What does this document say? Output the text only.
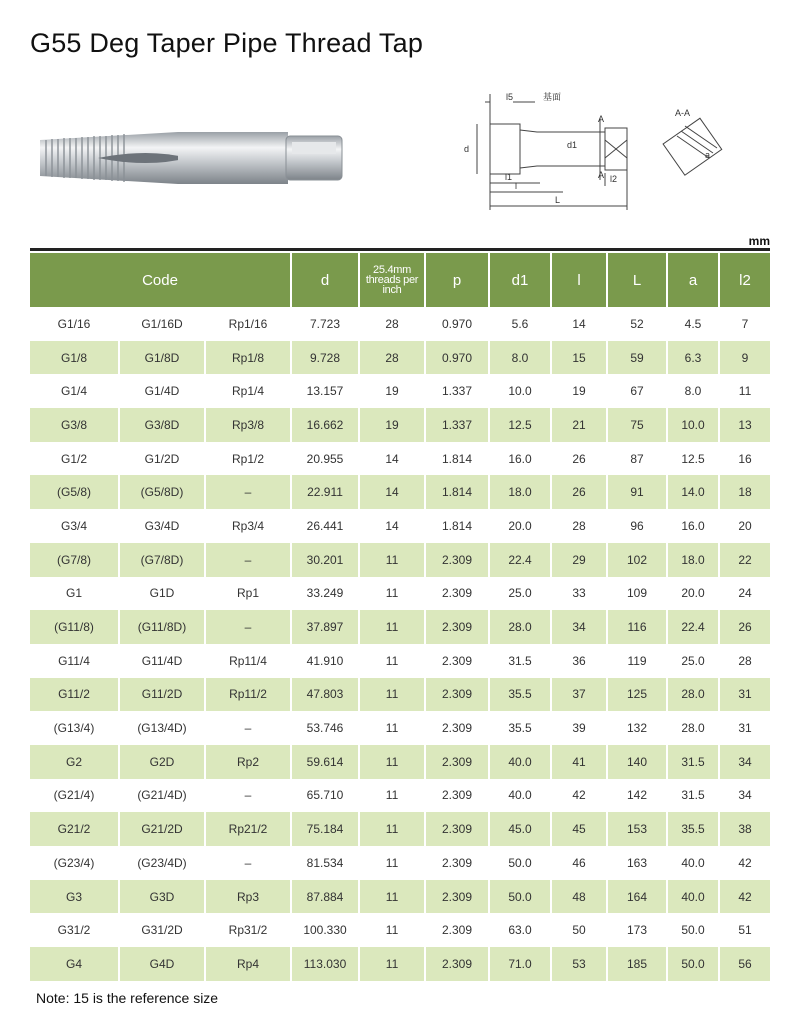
G55 Deg Taper Pipe Thread Tap
l5	基面
d	d1
A
A
l1
l
l2
L
A-A
a
mm
Code			d	25.4mm
threads per
inch	p	d1	l	L	a	l2
G1/16	G1/16D	Rp1/16	7.723	28	0.970	5.6	14	52	4.5	7
G1/8	G1/8D	Rp1/8	9.728	28	0.970	8.0	15	59	6.3	9
G1/4	G1/4D	Rp1/4	13.157	19	1.337	10.0	19	67	8.0	11
G3/8	G3/8D	Rp3/8	16.662	19	1.337	12.5	21	75	10.0	13
G1/2	G1/2D	Rp1/2	20.955	14	1.814	16.0	26	87	12.5	16
(G5/8)	(G5/8D)	–	22.911	14	1.814	18.0	26	91	14.0	18
G3/4	G3/4D	Rp3/4	26.441	14	1.814	20.0	28	96	16.0	20
(G7/8)	(G7/8D)	–	30.201	11	2.309	22.4	29	102	18.0	22
G1	G1D	Rp1	33.249	11	2.309	25.0	33	109	20.0	24
(G11/8)	(G11/8D)	–	37.897	11	2.309	28.0	34	116	22.4	26
G11/4	G11/4D	Rp11/4	41.910	11	2.309	31.5	36	119	25.0	28
G11/2	G11/2D	Rp11/2	47.803	11	2.309	35.5	37	125	28.0	31
(G13/4)	(G13/4D)	–	53.746	11	2.309	35.5	39	132	28.0	31
G2	G2D	Rp2	59.614	11	2.309	40.0	41	140	31.5	34
(G21/4)	(G21/4D)	–	65.710	11	2.309	40.0	42	142	31.5	34
G21/2	G21/2D	Rp21/2	75.184	11	2.309	45.0	45	153	35.5	38
(G23/4)	(G23/4D)	–	81.534	11	2.309	50.0	46	163	40.0	42
G3	G3D	Rp3	87.884	11	2.309	50.0	48	164	40.0	42
G31/2	G31/2D	Rp31/2	100.330	11	2.309	63.0	50	173	50.0	51
G4	G4D	Rp4	113.030	11	2.309	71.0	53	185	50.0	56
Note: 15 is the reference size
